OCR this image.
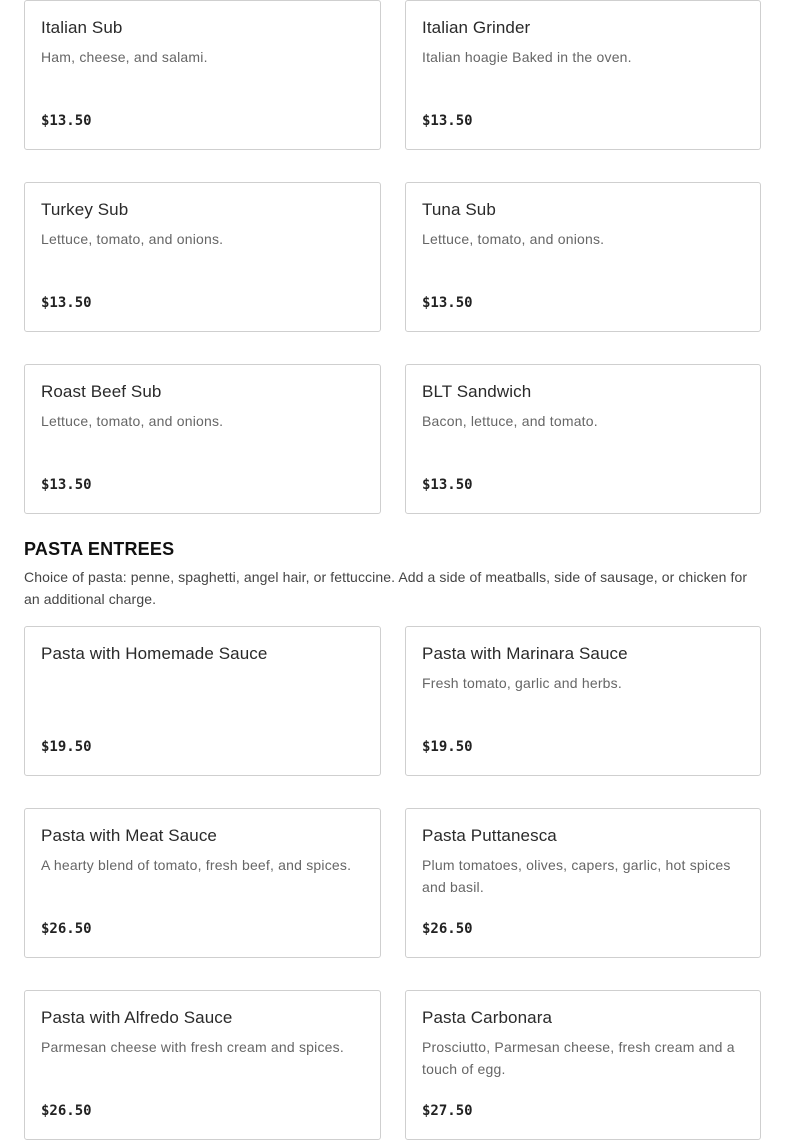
Italian Sub
Ham, cheese, and salami.
$13.50
Italian Grinder
Italian hoagie Baked in the oven.
$13.50
Turkey Sub
Lettuce, tomato, and onions.
$13.50
Tuna Sub
Lettuce, tomato, and onions.
$13.50
Roast Beef Sub
Lettuce, tomato, and onions.
$13.50
BLT Sandwich
Bacon, lettuce, and tomato.
$13.50
PASTA ENTREES
Choice of pasta: penne, spaghetti, angel hair, or fettuccine. Add a side of meatballs, side of sausage, or chicken for an additional charge.
Pasta with Homemade Sauce
$19.50
Pasta with Marinara Sauce
Fresh tomato, garlic and herbs.
$19.50
Pasta with Meat Sauce
A hearty blend of tomato, fresh beef, and spices.
$26.50
Pasta Puttanesca
Plum tomatoes, olives, capers, garlic, hot spices and basil.
$26.50
Pasta with Alfredo Sauce
Parmesan cheese with fresh cream and spices.
$26.50
Pasta Carbonara
Prosciutto, Parmesan cheese, fresh cream and a touch of egg.
$27.50
